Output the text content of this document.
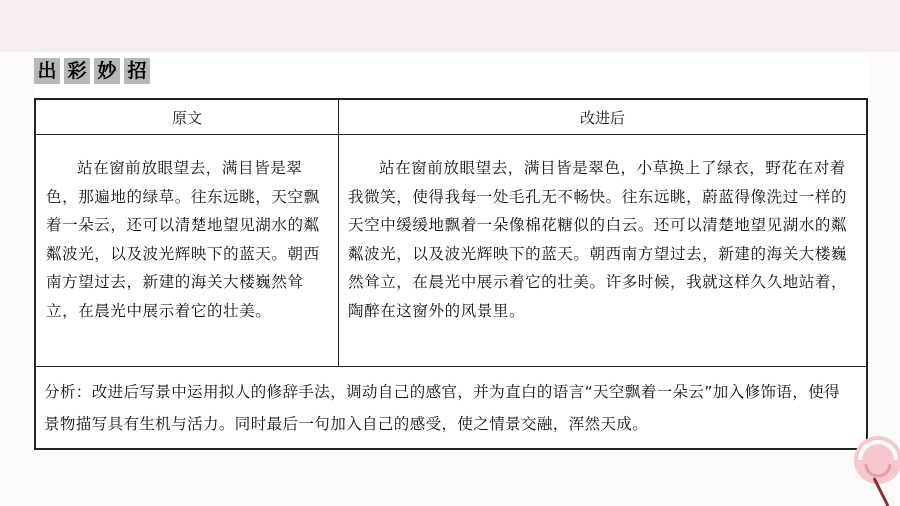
出 彩 妙 招
原文	改进后

站在窗前放眼望去，满目皆是翠色，那遍地的绿草。往东远眺，天空飘着一朵云，还可以清楚地望见湖水的粼粼波光，以及波光辉映下的蓝天。朝西南方望过去，新建的海关大楼巍然耸立，在晨光中展示着它的壮美。

站在窗前放眼望去，满目皆是翠色，小草换上了绿衣，野花在对着我微笑，使得我每一处毛孔无不畅快。往东远眺，蔚蓝得像洗过一样的天空中缓缓地飘着一朵像棉花糖似的白云。还可以清楚地望见湖水的粼粼波光，以及波光辉映下的蓝天。朝西南方望过去，新建的海关大楼巍然耸立，在晨光中展示着它的壮美。许多时候，我就这样久久地站着，陶醉在这窗外的风景里。

分析：改进后写景中运用拟人的修辞手法，调动自己的感官，并为直白的语言“天空飘着一朵云”加入修饰语，使得景物描写具有生机与活力。同时最后一句加入自己的感受，使之情景交融，浑然天成。
